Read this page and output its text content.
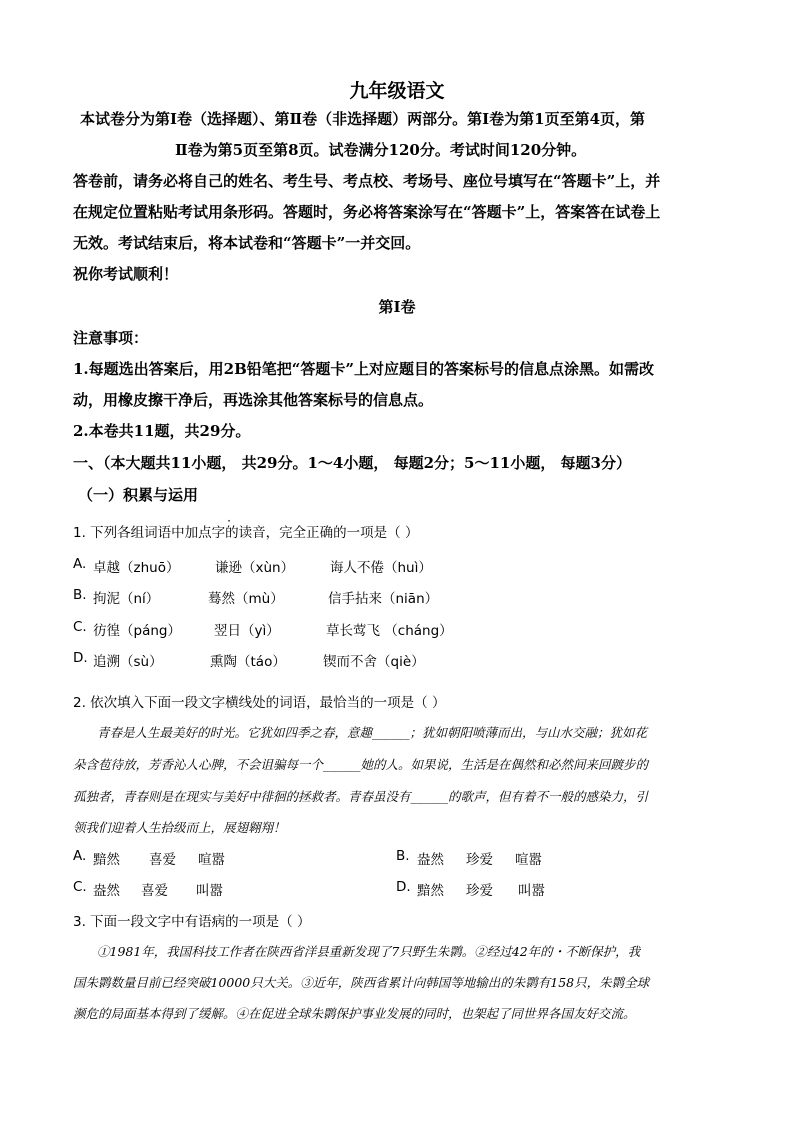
九年级语文
本试卷分为第Ⅰ卷（选择题）、第Ⅱ卷（非选择题）两部分。第Ⅰ卷为第1页至第4页，第
Ⅱ卷为第5页至第8页。试卷满分120分。考试时间120分钟。
答卷前，请务必将自己的姓名、考生号、考点校、考场号、座位号填写在“答题卡”上，并
在规定位置粘贴考试用条形码。答题时，务必将答案涂写在“答题卡”上，答案答在试卷上
无效。考试结束后，将本试卷和“答题卡”一并交回。
祝你考试顺利！
第Ⅰ卷
注意事项：
1.每题选出答案后，用2B铅笔把“答题卡”上对应题目的答案标号的信息点涂黑。如需改
动，用橡皮擦干净后，再选涂其他答案标号的信息点。
2.本卷共11题，共29分。
一、（本大题共11小题， 共29分。1～4小题， 每题2分；5～11小题， 每题3分）
（一）积累与运用
1. 下列各组词语中加点字的读音，完全正确的一项是（ ）
A. 卓越（zhuō）	谦逊（xùn）	诲人不倦（huì）
B. 拘泥（ní）	蓦然（mù）	信手拈来（niān）
C. 彷徨（páng） 翌日（yì）	草长莺飞 （cháng）
D. 追溯（sù）	熏陶（táo）	锲而不舍（qiè）
2. 依次填入下面一段文字横线处的词语，最恰当的一项是（ ）
青春是人生最美好的时光。它犹如四季之春，意趣______；犹如朝阳喷薄而出，与山水交融；犹如花
朵含苞待放，芳香沁人心脾，不会诅骗每一个______她的人。如果说，生活是在偶然和必然间来回踱步的
孤独者，青春则是在现实与美好中徘徊的拯救者。青春虽没有______的歌声，但有着不一般的感染力，引
领我们迎着人生拾级而上，展翅翱翔！
A. 黯然 喜爱 喧嚣	B. 盎然 珍爱 喧嚣
C. 盎然 喜爱 叫嚣	D. 黯然 珍爱 叫嚣
3. 下面一段文字中有语病的一项是（ ）
①1981年，我国科技工作者在陕西省洋县重新发现了7只野生朱鹮。②经过42年的・不断保护，我
国朱鹮数量目前已经突破10000只大关。③近年，陕西省累计向韩国等地输出的朱鹮有158只，朱鹮全球
濒危的局面基本得到了缓解。④在促进全球朱鹮保护事业发展的同时，也架起了同世界各国友好交流。
